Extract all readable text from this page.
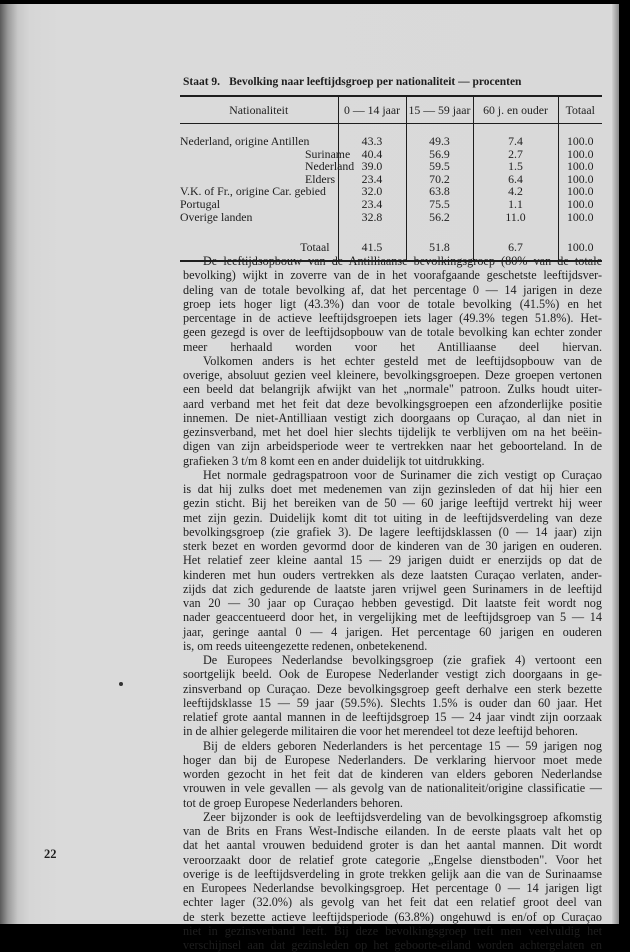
Staat 9. Bevolking naar leeftijdsgroep per nationaliteit — procenten
Nationaliteit	0 — 14 jaar	15 — 59 jaar	60 j. en ouder	Totaal
Nederland, origine Antillen	43.3	49.3	7.4	100.0
Suriname	40.4	56.9	2.7	100.0
Nederland	39.0	59.5	1.5	100.0
Elders	23.4	70.2	6.4	100.0
V.K. of Fr., origine Car. gebied	32.0	63.8	4.2	100.0
Portugal	23.4	75.5	1.1	100.0
Overige landen	32.8	56.2	11.0	100.0
Totaal	41.5	51.8	6.7	100.0
De leeftijdsopbouw van de Antilliaanse bevolkingsgroep (80% van de totale
bevolking) wijkt in zoverre van de in het voorafgaande geschetste leeftijdsver-
deling van de totale bevolking af, dat het percentage 0 — 14 jarigen in deze
groep iets hoger ligt (43.3%) dan voor de totale bevolking (41.5%) en het
percentage in de actieve leeftijdsgroepen iets lager (49.3% tegen 51.8%). Het-
geen gezegd is over de leeftijdsopbouw van de totale bevolking kan echter zonder
meer herhaald worden voor het Antilliaanse deel hiervan.
Volkomen anders is het echter gesteld met de leeftijdsopbouw van de
overige, absoluut gezien veel kleinere, bevolkingsgroepen. Deze groepen vertonen
een beeld dat belangrijk afwijkt van het „normale" patroon. Zulks houdt uiter-
aard verband met het feit dat deze bevolkingsgroepen een afzonderlijke positie
innemen. De niet-Antilliaan vestigt zich doorgaans op Curaçao, al dan niet in
gezinsverband, met het doel hier slechts tijdelijk te verblijven om na het beëin-
digen van zijn arbeidsperiode weer te vertrekken naar het geboorteland. In de
grafieken 3 t/m 8 komt een en ander duidelijk tot uitdrukking.
Het normale gedragspatroon voor de Surinamer die zich vestigt op Curaçao
is dat hij zulks doet met medenemen van zijn gezinsleden of dat hij hier een
gezin sticht. Bij het bereiken van de 50 — 60 jarige leeftijd vertrekt hij weer
met zijn gezin. Duidelijk komt dit tot uiting in de leeftijdsverdeling van deze
bevolkingsgroep (zie grafiek 3). De lagere leeftijdsklassen (0 — 14 jaar) zijn
sterk bezet en worden gevormd door de kinderen van de 30 jarigen en ouderen.
Het relatief zeer kleine aantal 15 — 29 jarigen duidt er enerzijds op dat de
kinderen met hun ouders vertrekken als deze laatsten Curaçao verlaten, ander-
zijds dat zich gedurende de laatste jaren vrijwel geen Surinamers in de leeftijd
van 20 — 30 jaar op Curaçao hebben gevestigd. Dit laatste feit wordt nog
nader geaccentueerd door het, in vergelijking met de leeftijdsgroep van 5 — 14
jaar, geringe aantal 0 — 4 jarigen. Het percentage 60 jarigen en ouderen
is, om reeds uiteengezette redenen, onbetekenend.
De Europees Nederlandse bevolkingsgroep (zie grafiek 4) vertoont een
soortgelijk beeld. Ook de Europese Nederlander vestigt zich doorgaans in ge-
zinsverband op Curaçao. Deze bevolkingsgroep geeft derhalve een sterk bezette
leeftijdsklasse 15 — 59 jaar (59.5%). Slechts 1.5% is ouder dan 60 jaar. Het
relatief grote aantal mannen in de leeftijdsgroep 15 — 24 jaar vindt zijn oorzaak
in de alhier gelegerde militairen die voor het merendeel tot deze leeftijd behoren.
Bij de elders geboren Nederlanders is het percentage 15 — 59 jarigen nog
hoger dan bij de Europese Nederlanders. De verklaring hiervoor moet mede
worden gezocht in het feit dat de kinderen van elders geboren Nederlandse
vrouwen in vele gevallen — als gevolg van de nationaliteit/origine classificatie —
tot de groep Europese Nederlanders behoren.
Zeer bijzonder is ook de leeftijdsverdeling van de bevolkingsgroep afkomstig
van de Brits en Frans West-Indische eilanden. In de eerste plaats valt het op
dat het aantal vrouwen beduidend groter is dan het aantal mannen. Dit wordt
veroorzaakt door de relatief grote categorie „Engelse dienstboden". Voor het
overige is de leeftijdsverdeling in grote trekken gelijk aan die van de Surinaamse
en Europees Nederlandse bevolkingsgroep. Het percentage 0 — 14 jarigen ligt
echter lager (32.0%) als gevolg van het feit dat een relatief groot deel van
de sterk bezette actieve leeftijdsperiode (63.8%) ongehuwd is en/of op Curaçao
niet in gezinsverband leeft. Bij deze bevolkingsgroep treft men veelvuldig het
verschijnsel aan dat gezinsleden op het geboorte-eiland worden achtergelaten en
22
